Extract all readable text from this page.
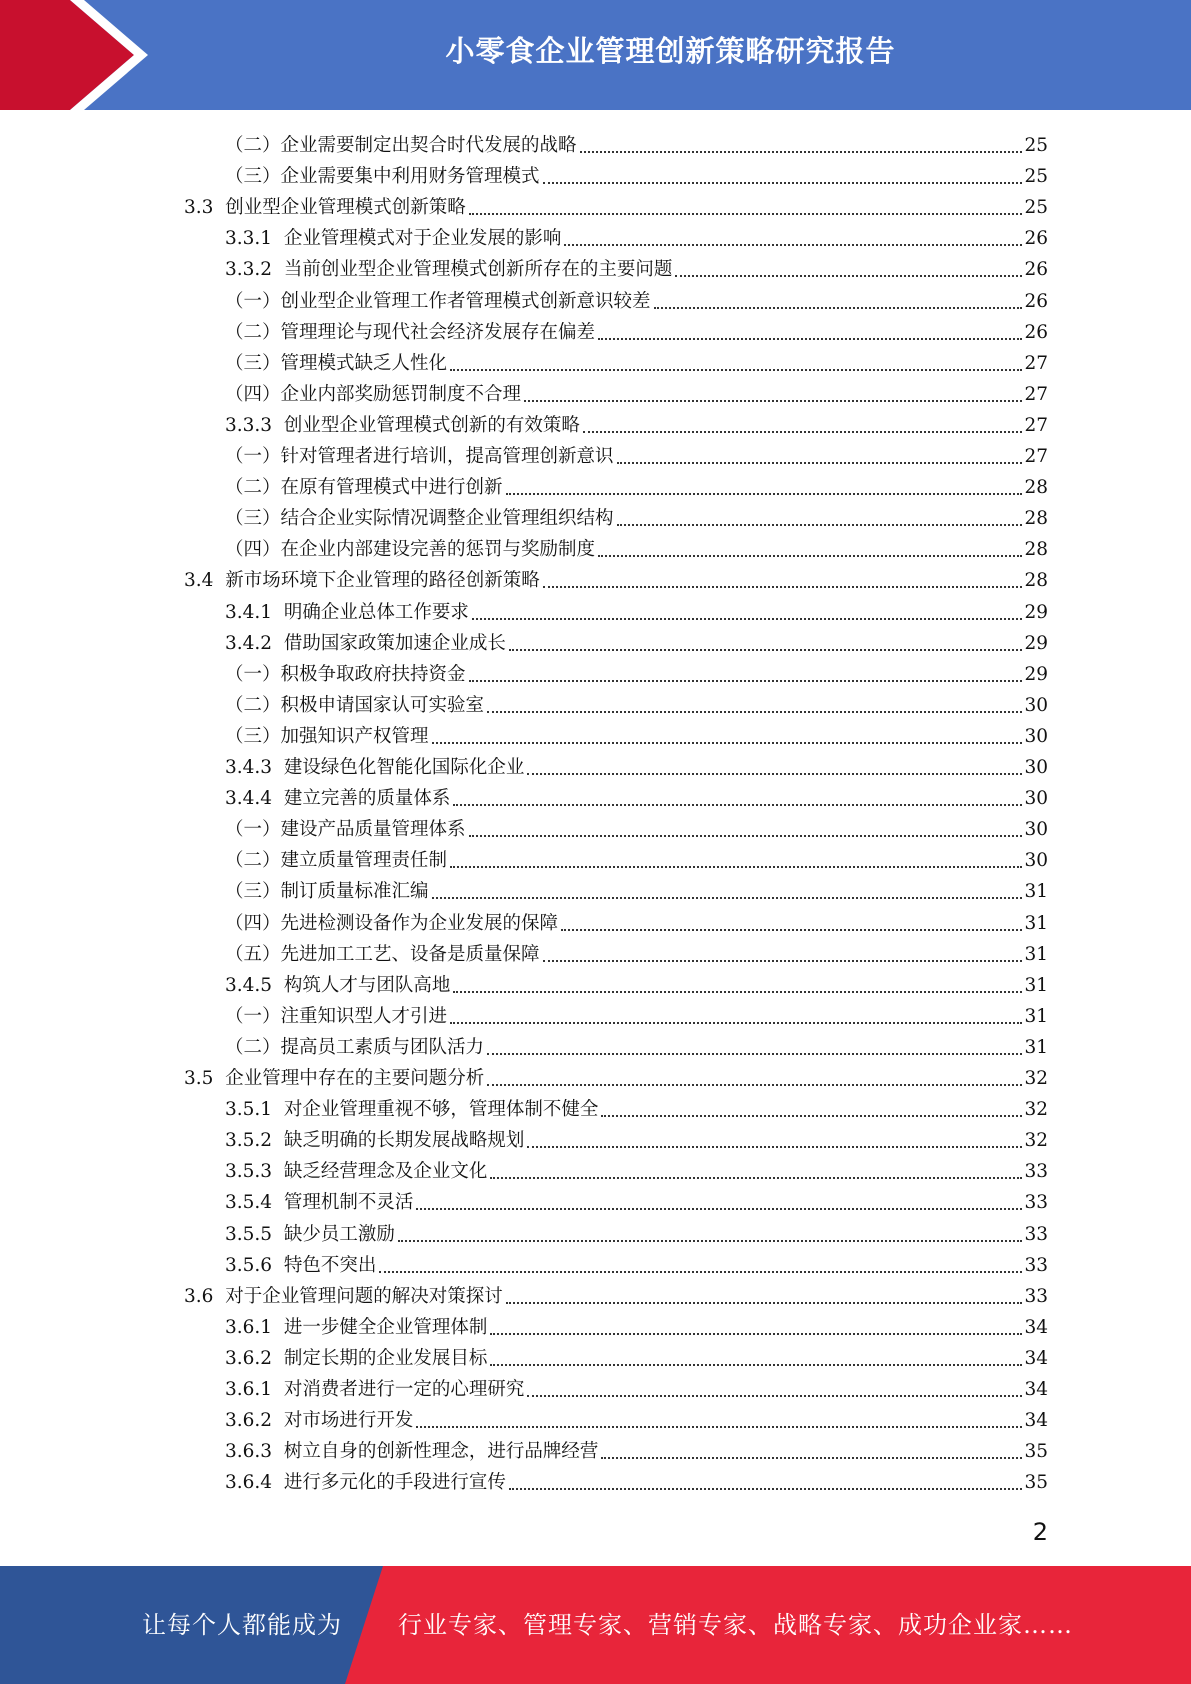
小零食企业管理创新策略研究报告
（二） 企业需要制定出契合时代发展的战略	25
（三） 企业需要集中利用财务管理模式	25
3.3 创业型企业管理模式创新策略	25
3.3.1 企业管理模式对于企业发展的影响	26
3.3.2 当前创业型企业管理模式创新所存在的主要问题	26
（一） 创业型企业管理工作者管理模式创新意识较差	26
（二） 管理理论与现代社会经济发展存在偏差	26
（三） 管理模式缺乏人性化	27
（四） 企业内部奖励惩罚制度不合理	27
3.3.3 创业型企业管理模式创新的有效策略	27
（一） 针对管理者进行培训，提高管理创新意识	27
（二） 在原有管理模式中进行创新	28
（三） 结合企业实际情况调整企业管理组织结构	28
（四） 在企业内部建设完善的惩罚与奖励制度	28
3.4 新市场环境下企业管理的路径创新策略	28
3.4.1 明确企业总体工作要求	29
3.4.2 借助国家政策加速企业成长	29
（一） 积极争取政府扶持资金	29
（二） 积极申请国家认可实验室	30
（三） 加强知识产权管理	30
3.4.3 建设绿色化智能化国际化企业	30
3.4.4 建立完善的质量体系	30
（一） 建设产品质量管理体系	30
（二） 建立质量管理责任制	30
（三） 制订质量标准汇编	31
（四） 先进检测设备作为企业发展的保障	31
（五） 先进加工工艺、设备是质量保障	31
3.4.5 构筑人才与团队高地	31
（一） 注重知识型人才引进	31
（二） 提高员工素质与团队活力	31
3.5 企业管理中存在的主要问题分析	32
3.5.1 对企业管理重视不够，管理体制不健全	32
3.5.2 缺乏明确的长期发展战略规划	32
3.5.3 缺乏经营理念及企业文化	33
3.5.4 管理机制不灵活	33
3.5.5 缺少员工激励	33
3.5.6 特色不突出	33
3.6 对于企业管理问题的解决对策探讨	33
3.6.1 进一步健全企业管理体制	34
3.6.2 制定长期的企业发展目标	34
3.6.1 对消费者进行一定的心理研究	34
3.6.2 对市场进行开发	34
3.6.3 树立自身的创新性理念，进行品牌经营	35
3.6.4 进行多元化的手段进行宣传	35
2
让每个人都能成为 行业专家、管理专家、营销专家、战略专家、成功企业家……
